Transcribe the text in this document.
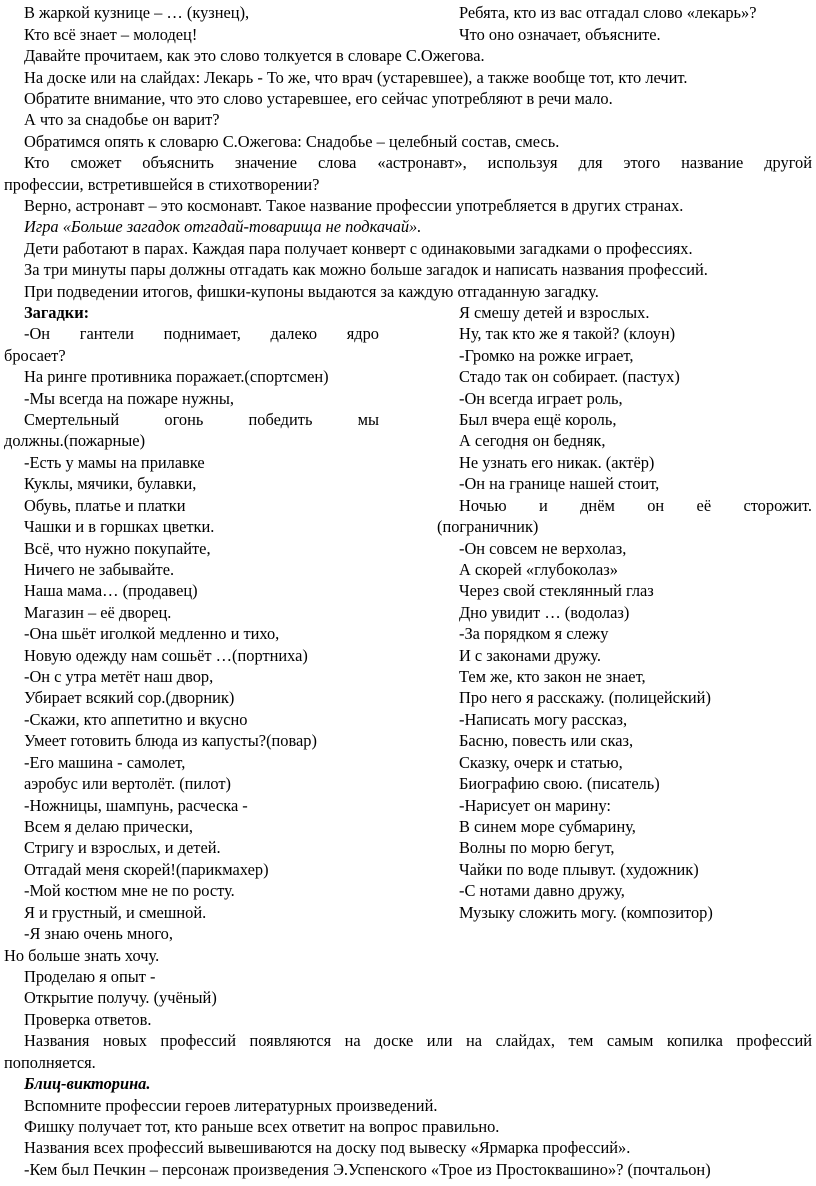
В жаркой кузнице – … (кузнец),
Кто всё знает – молодец!
Ребята, кто из вас отгадал слово «лекарь»?
Что оно означает, объясните.
Давайте прочитаем, как это слово толкуется в словаре С.Ожегова.
На доске или на слайдах: Лекарь - То же, что врач (устаревшее), а также вообще тот, кто лечит.
Обратите внимание, что это слово устаревшее, его сейчас употребляют в речи мало.
А что за снадобье он варит?
Обратимся опять к словарю С.Ожегова: Снадобье – целебный состав, смесь.
Кто сможет объяснить значение слова «астронавт», используя для этого название другой
профессии, встретившейся в стихотворении?
Верно, астронавт – это космонавт. Такое название профессии употребляется в других странах.
Игра «Больше загадок отгадай-товарища не подкачай».
Дети работают в парах. Каждая пара получает конверт с одинаковыми загадками о профессиях.
За три минуты пары должны отгадать как можно больше загадок и написать названия профессий.
При подведении итогов, фишки-купоны выдаются за каждую отгаданную загадку.
Загадки:
-Он гантели поднимает, далеко ядро
бросает?
На ринге противника поражает.(спортсмен)
-Мы всегда на пожаре нужны,
Смертельный огонь победить мы
должны.(пожарные)
-Есть у мамы на прилавке
Куклы, мячики, булавки,
Обувь, платье и платки
Чашки и в горшках цветки.
Всё, что нужно покупайте,
Ничего не забывайте.
Наша мама… (продавец)
Магазин – её дворец.
-Она шьёт иголкой медленно и тихо,
Новую одежду нам сошьёт …(портниха)
-Он с утра метёт наш двор,
Убирает всякий сор.(дворник)
-Скажи, кто аппетитно и вкусно
Умеет готовить блюда из капусты?(повар)
-Его машина - самолет,
аэробус или вертолёт. (пилот)
-Ножницы, шампунь, расческа -
Всем я делаю прически,
Стригу и взрослых, и детей.
Отгадай меня скорей!(парикмахер)
-Мой костюм мне не по росту.
Я и грустный, и смешной.
-Я знаю очень много,
Но больше знать хочу.
Проделаю я опыт -
Открытие получу. (учёный)
Я смешу детей и взрослых.
Ну, так кто же я такой? (клоун)
-Громко на рожке играет,
Стадо так он собирает. (пастух)
-Он всегда играет роль,
Был вчера ещё король,
А сегодня он бедняк,
Не узнать его никак. (актёр)
-Он на границе нашей стоит,
Ночью и днём он её сторожит.
(пограничник)
-Он совсем не верхолаз,
А скорей «глубоколаз»
Через свой стеклянный глаз
Дно увидит … (водолаз)
-За порядком я слежу
И с законами дружу.
Тем же, кто закон не знает,
Про него я расскажу. (полицейский)
-Написать могу рассказ,
Басню, повесть или сказ,
Сказку, очерк и статью,
Биографию свою. (писатель)
-Нарисует он марину:
В синем море субмарину,
Волны по морю бегут,
Чайки по воде плывут. (художник)
-С нотами давно дружу,
Музыку сложить могу. (композитор)
Проверка ответов.
Названия новых профессий появляются на доске или на слайдах, тем самым копилка профессий
пополняется.
Блиц-викторина.
Вспомните профессии героев литературных произведений.
Фишку получает тот, кто раньше всех ответит на вопрос правильно.
Названия всех профессий вывешиваются на доску под вывеску «Ярмарка профессий».
-Кем был Печкин – персонаж произведения Э.Успенского «Трое из Простоквашино»? (почтальон)
